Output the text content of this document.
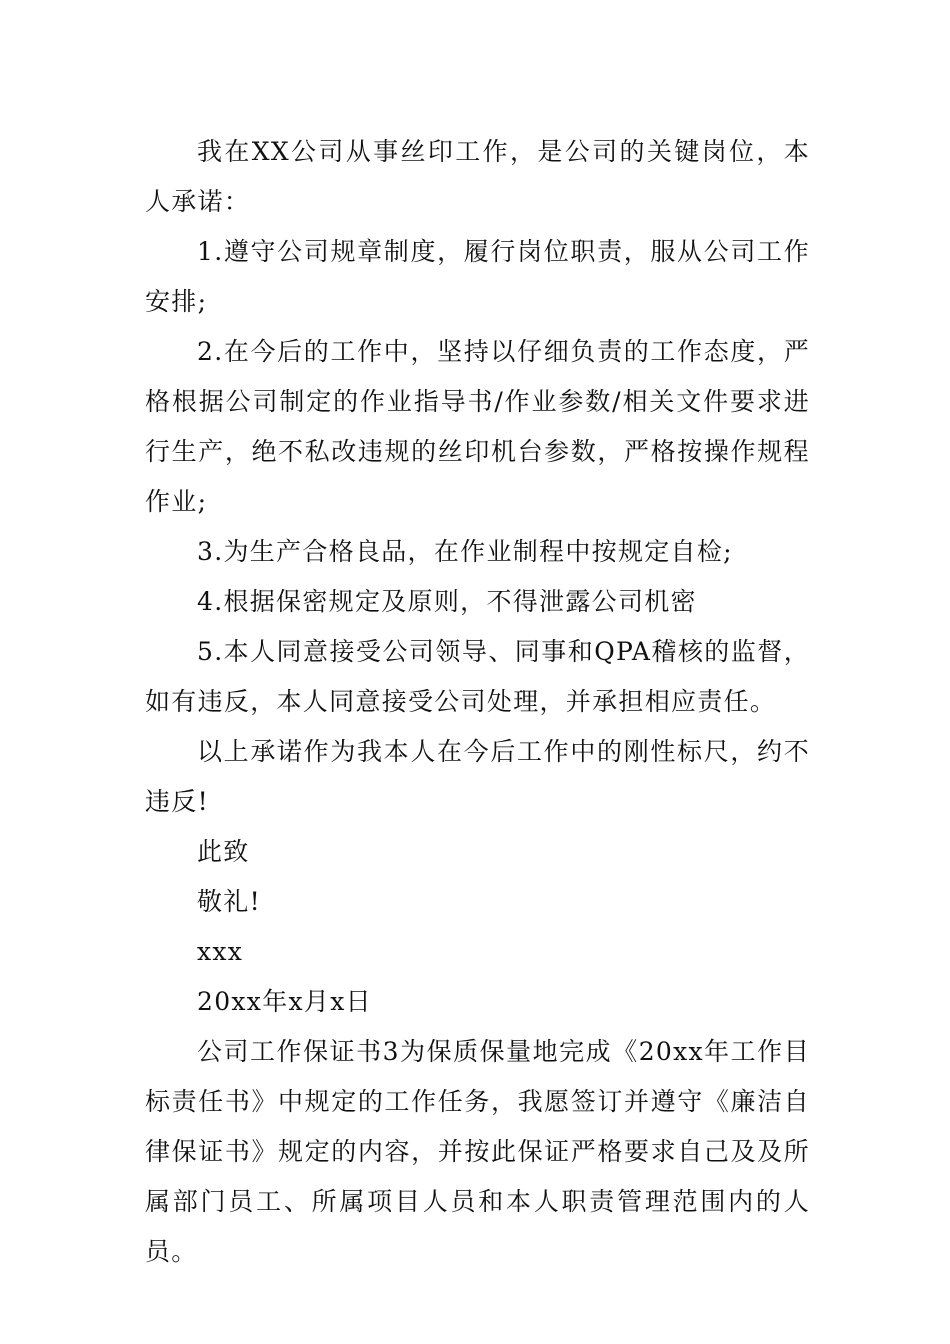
我在XX公司从事丝印工作，是公司的关键岗位，本人承诺：

1.遵守公司规章制度，履行岗位职责，服从公司工作安排;

2.在今后的工作中，坚持以仔细负责的工作态度，严格根据公司制定的作业指导书/作业参数/相关文件要求进行生产，绝不私改违规的丝印机台参数，严格按操作规程作业;

3.为生产合格良品，在作业制程中按规定自检;

4.根据保密规定及原则，不得泄露公司机密

5.本人同意接受公司领导、同事和QPA稽核的监督，如有违反，本人同意接受公司处理，并承担相应责任。

以上承诺作为我本人在今后工作中的刚性标尺，约不违反!

此致

敬礼!

xxx

20xx年x月x日

公司工作保证书3为保质保量地完成《20xx年工作目标责任书》中规定的工作任务，我愿签订并遵守《廉洁自律保证书》规定的内容，并按此保证严格要求自己及及所属部门员工、所属项目人员和本人职责管理范围内的人员。
